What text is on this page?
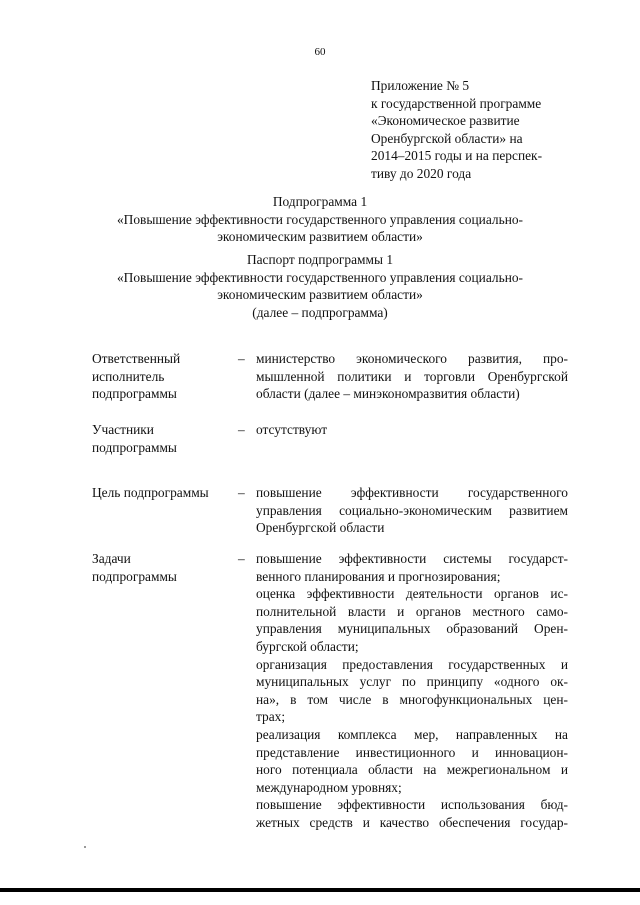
60
Приложение № 5
к государственной программе
«Экономическое развитие
Оренбургской области» на
2014–2015 годы и на перспек-
тиву до 2020 года
Подпрограмма 1
«Повышение эффективности государственного управления социально-
экономическим развитием области»
Паспорт подпрограммы 1
«Повышение эффективности государственного управления социально-
экономическим развитием области»
(далее – подпрограмма)
Ответственный
исполнитель
подпрограммы
– министерство экономического развития, про-
мышленной политики и торговли Оренбургской
области (далее – минэкономразвития области)
Участники
подпрограммы
– отсутствуют
Цель подпрограммы	– повышение эффективности государственного
управления социально-экономическим развитием
Оренбургской области
Задачи
подпрограммы
– повышение эффективности системы государст-
венного планирования и прогнозирования;
оценка эффективности деятельности органов ис-
полнительной власти и органов местного само-
управления муниципальных образований Орен-
бургской области;
организация предоставления государственных и
муниципальных услуг по принципу «одного ок-
на», в том числе в многофункциональных цен-
трах;
реализация комплекса мер, направленных на
представление инвестиционного и инновацион-
ного потенциала области на межрегиональном и
международном уровнях;
повышение эффективности использования бюд-
жетных средств и качество обеспечения государ-
